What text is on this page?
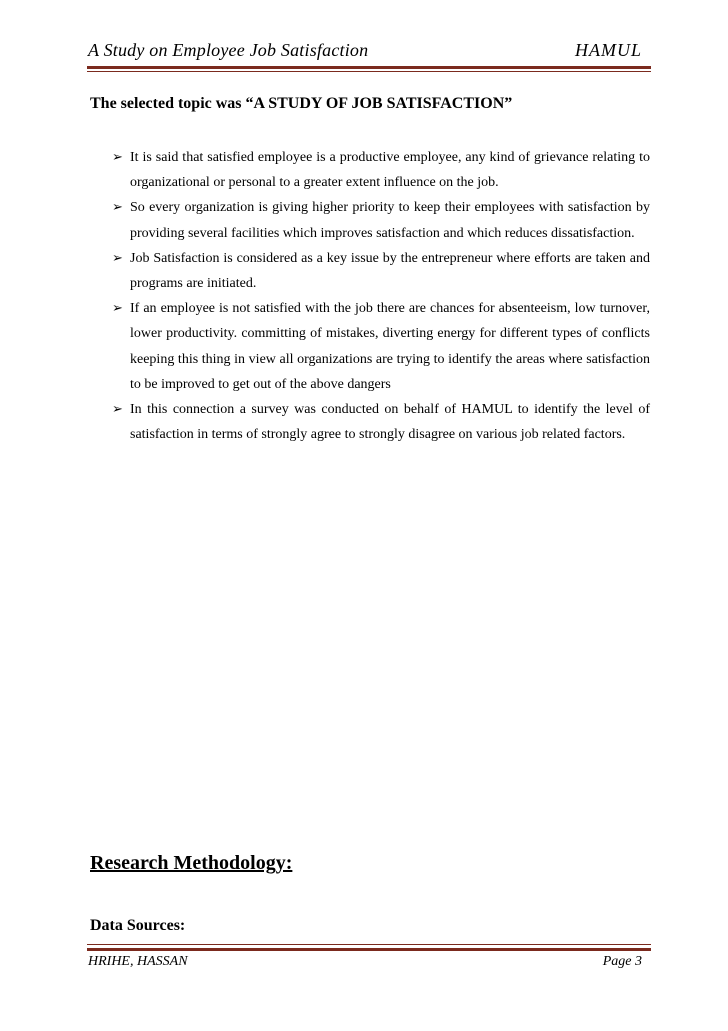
A Study on Employee Job Satisfaction	HAMUL
The selected topic was “A STUDY OF JOB SATISFACTION”

➢ It is said that satisfied employee is a productive employee, any kind of grievance relating to organizational or personal to a greater extent influence on the job.

➢ So every organization is giving higher priority to keep their employees with satisfaction by providing several facilities which improves satisfaction and which reduces dissatisfaction.

➢ Job Satisfaction is considered as a key issue by the entrepreneur where efforts are taken and programs are initiated.

➢ If an employee is not satisfied with the job there are chances for absenteeism, low turnover, lower productivity. committing of mistakes, diverting energy for different types of conflicts keeping this thing in view all organizations are trying to identify the areas where satisfaction to be improved to get out of the above dangers

➢ In this connection a survey was conducted on behalf of HAMUL to identify the level of satisfaction in terms of strongly agree to strongly disagree on various job related factors.

Research Methodology:
Data Sources:
HRIHE, HASSAN	Page 3
